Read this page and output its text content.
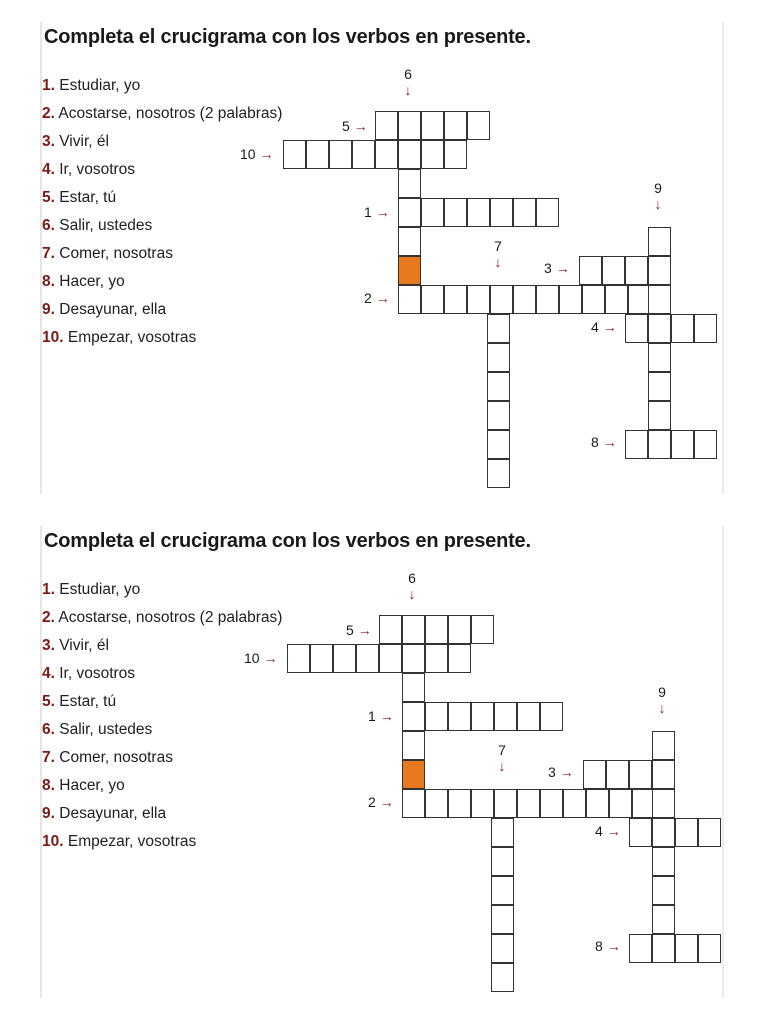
Completa el crucigrama con los verbos en presente.
1. Estudiar, yo
2. Acostarse, nosotros (2 palabras)
3. Vivir, él
4. Ir, vosotros
5. Estar, tú
6. Salir, ustedes
7. Comer, nosotras
8. Hacer, yo
9. Desayunar, ella
10. Empezar, vosotras
6
↓
5 →
10 →
1 →
9
↓
7
↓	3 →
2 →
4 →
8 →
Completa el crucigrama con los verbos en presente.
1. Estudiar, yo
2. Acostarse, nosotros (2 palabras)
3. Vivir, él
4. Ir, vosotros
5. Estar, tú
6. Salir, ustedes
7. Comer, nosotras
8. Hacer, yo
9. Desayunar, ella
10. Empezar, vosotras
6
↓
5 →
10 →
1 →
9
↓
7
↓	3 →
2 →
4 →
8 →
